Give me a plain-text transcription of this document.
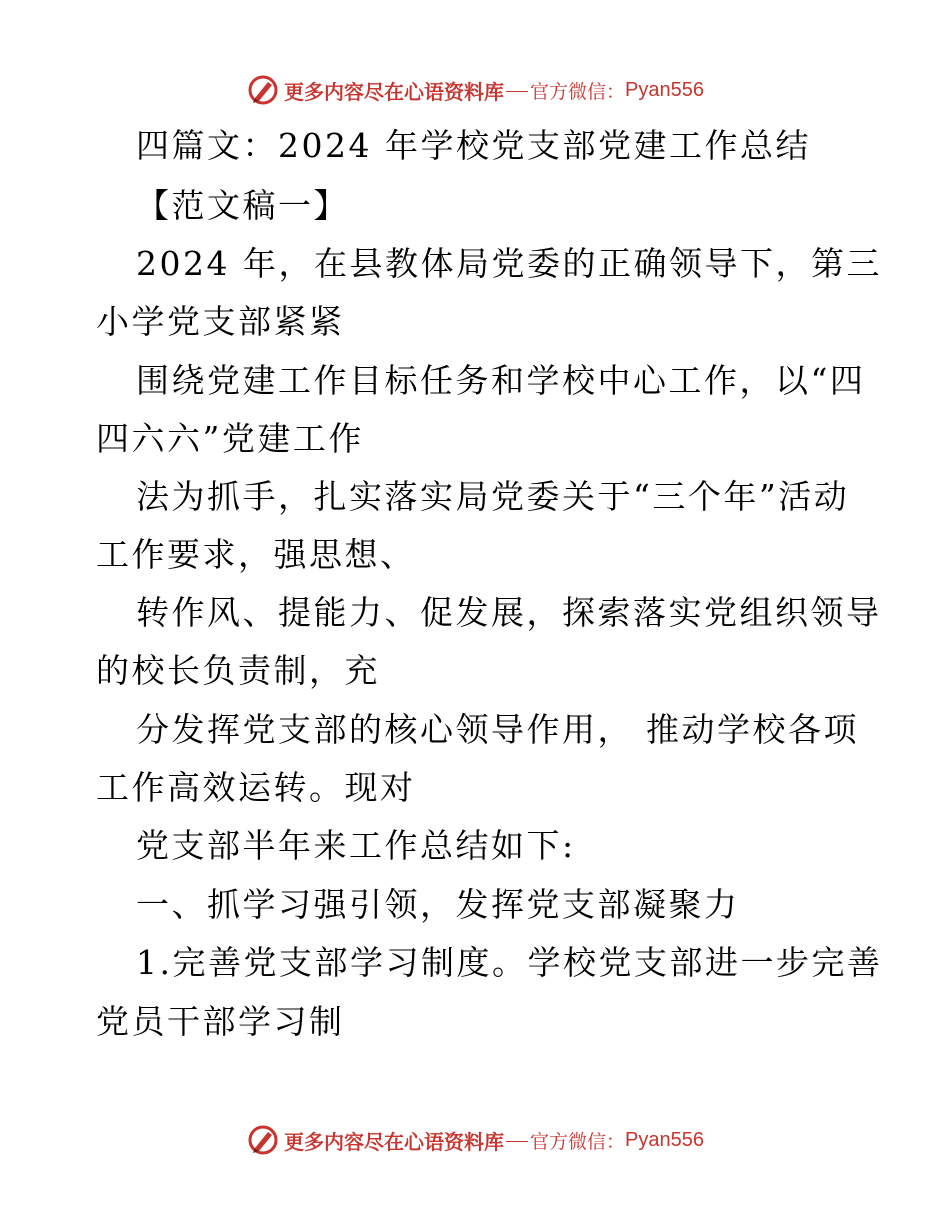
更多内容尽在心语资料库 官方微信： Pyan556
四篇文：2024 年学校党支部党建工作总结
【范文稿一】
2024 年，在县教体局党委的正确领导下，第三
小学党支部紧紧
围绕党建工作目标任务和学校中心工作，以“四
四六六”党建工作
法为抓手，扎实落实局党委关于“三个年”活动
工作要求，强思想、
转作风、提能力、促发展，探索落实党组织领导
的校长负责制，充
分发挥党支部的核心领导作用， 推动学校各项
工作高效运转。现对
党支部半年来工作总结如下:
一、抓学习强引领，发挥党支部凝聚力
1.完善党支部学习制度。学校党支部进一步完善
党员干部学习制
更多内容尽在心语资料库 官方微信： Pyan556
